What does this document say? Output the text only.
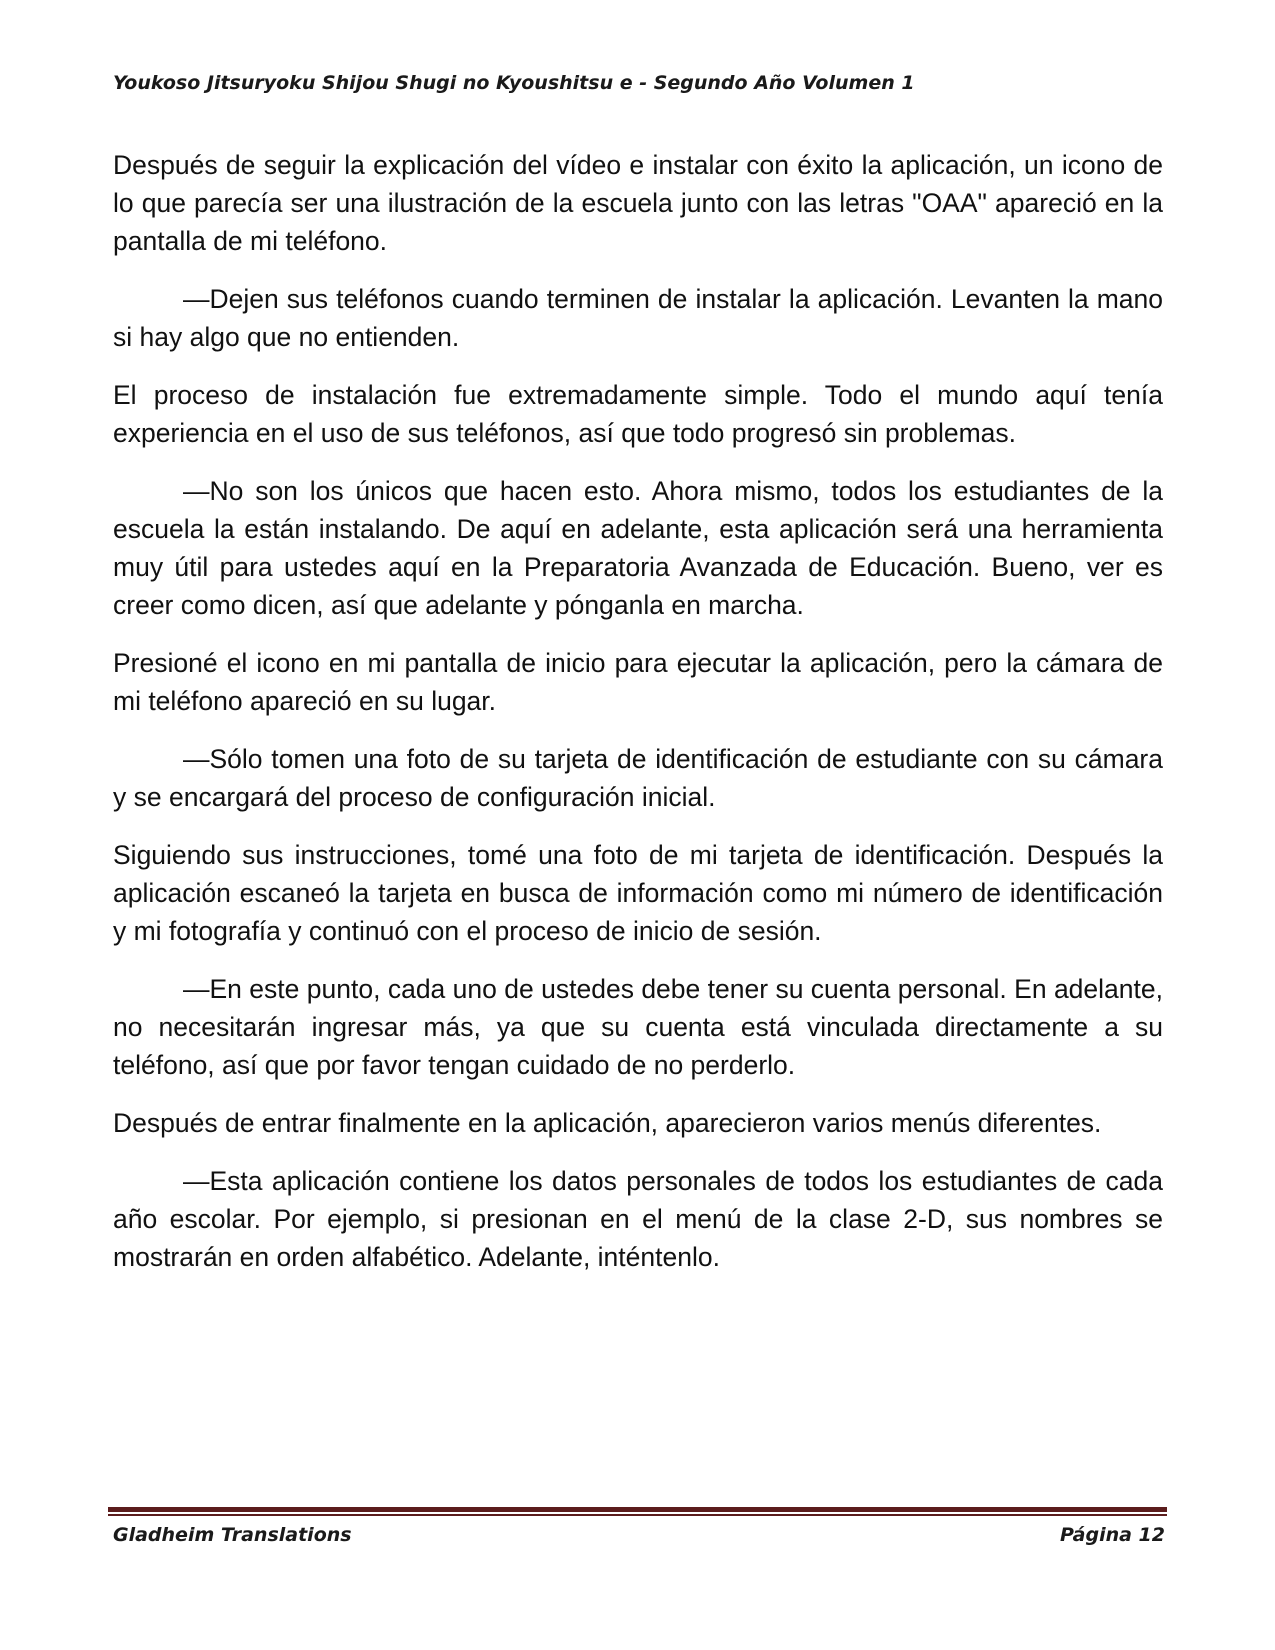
Youkoso Jitsuryoku Shijou Shugi no Kyoushitsu e - Segundo Año Volumen 1

Después de seguir la explicación del vídeo e instalar con éxito la aplicación, un icono de lo que parecía ser una ilustración de la escuela junto con las letras "OAA" apareció en la pantalla de mi teléfono.

—Dejen sus teléfonos cuando terminen de instalar la aplicación. Levanten la mano si hay algo que no entienden.

El proceso de instalación fue extremadamente simple. Todo el mundo aquí tenía experiencia en el uso de sus teléfonos, así que todo progresó sin problemas.

—No son los únicos que hacen esto. Ahora mismo, todos los estudiantes de la escuela la están instalando. De aquí en adelante, esta aplicación será una herramienta muy útil para ustedes aquí en la Preparatoria Avanzada de Educación. Bueno, ver es creer como dicen, así que adelante y pónganla en marcha.

Presioné el icono en mi pantalla de inicio para ejecutar la aplicación, pero la cámara de mi teléfono apareció en su lugar.

—Sólo tomen una foto de su tarjeta de identificación de estudiante con su cámara y se encargará del proceso de configuración inicial.

Siguiendo sus instrucciones, tomé una foto de mi tarjeta de identificación. Después la aplicación escaneó la tarjeta en busca de información como mi número de identificación y mi fotografía y continuó con el proceso de inicio de sesión.

—En este punto, cada uno de ustedes debe tener su cuenta personal. En adelante, no necesitarán ingresar más, ya que su cuenta está vinculada directamente a su teléfono, así que por favor tengan cuidado de no perderlo.

Después de entrar finalmente en la aplicación, aparecieron varios menús diferentes.

—Esta aplicación contiene los datos personales de todos los estudiantes de cada año escolar. Por ejemplo, si presionan en el menú de la clase 2-D, sus nombres se mostrarán en orden alfabético. Adelante, inténtenlo.

Gladheim Translations	Página 12
